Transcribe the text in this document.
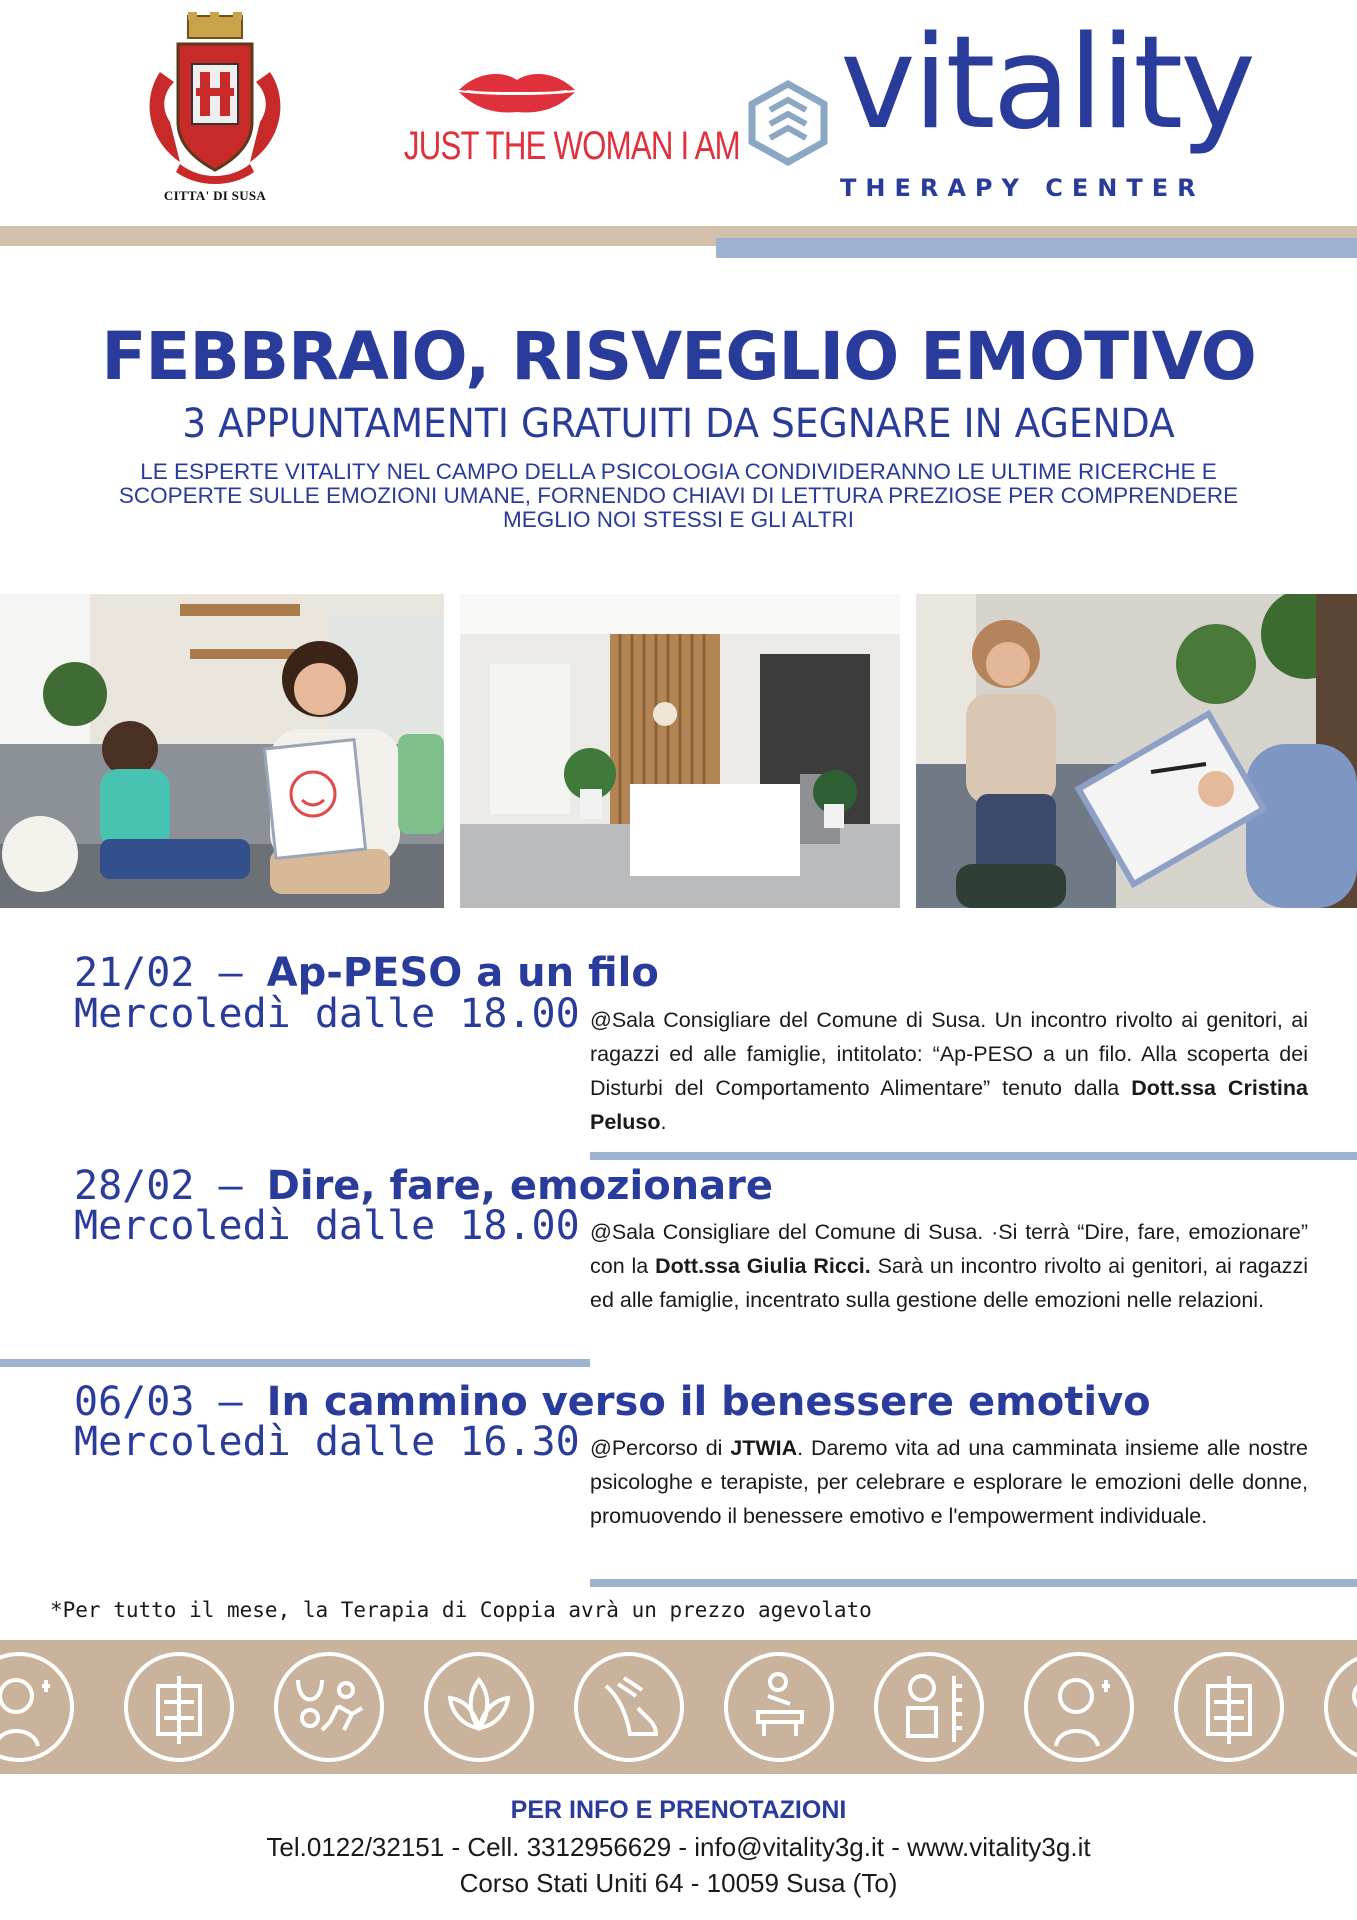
CITTA' DI SUSA
JUST THE WOMAN I AM vitality
THERAPY CENTER
FEBBRAIO, RISVEGLIO EMOTIVO
3 APPUNTAMENTI GRATUITI DA SEGNARE IN AGENDA
LE ESPERTE VITALITY NEL CAMPO DELLA PSICOLOGIA CONDIVIDERANNO LE ULTIME RICERCHE E SCOPERTE SULLE EMOZIONI UMANE, FORNENDO CHIAVI DI LETTURA PREZIOSE PER COMPRENDERE MEGLIO NOI STESSI E GLI ALTRI
21/02 – Ap-PESO a un filo
Mercoledì dalle 18.00 @Sala Consigliare del Comune di Susa. Un incontro rivolto ai genitori, ai ragazzi ed alle famiglie, intitolato: “Ap-PESO a un filo. Alla scoperta dei Disturbi del Comportamento Alimentare” tenuto dalla Dott.ssa Cristina Peluso.
28/02 – Dire, fare, emozionare
Mercoledì dalle 18.00 @Sala Consigliare del Comune di Susa. ·Si terrà “Dire, fare, emozionare” con la Dott.ssa Giulia Ricci. Sarà un incontro rivolto ai genitori, ai ragazzi ed alle famiglie, incentrato sulla gestione delle emozioni nelle relazioni.
06/03 – In cammino verso il benessere emotivo
Mercoledì dalle 16.30 @Percorso di JTWIA. Daremo vita ad una camminata insieme alle nostre psicologhe e terapiste, per celebrare e esplorare le emozioni delle donne, promuovendo il benessere emotivo e l'empowerment individuale.
*Per tutto il mese, la Terapia di Coppia avrà un prezzo agevolato
PER INFO E PRENOTAZIONI
Tel.0122/32151 - Cell. 3312956629 - info@vitality3g.it - www.vitality3g.it
Corso Stati Uniti 64 - 10059 Susa (To)
